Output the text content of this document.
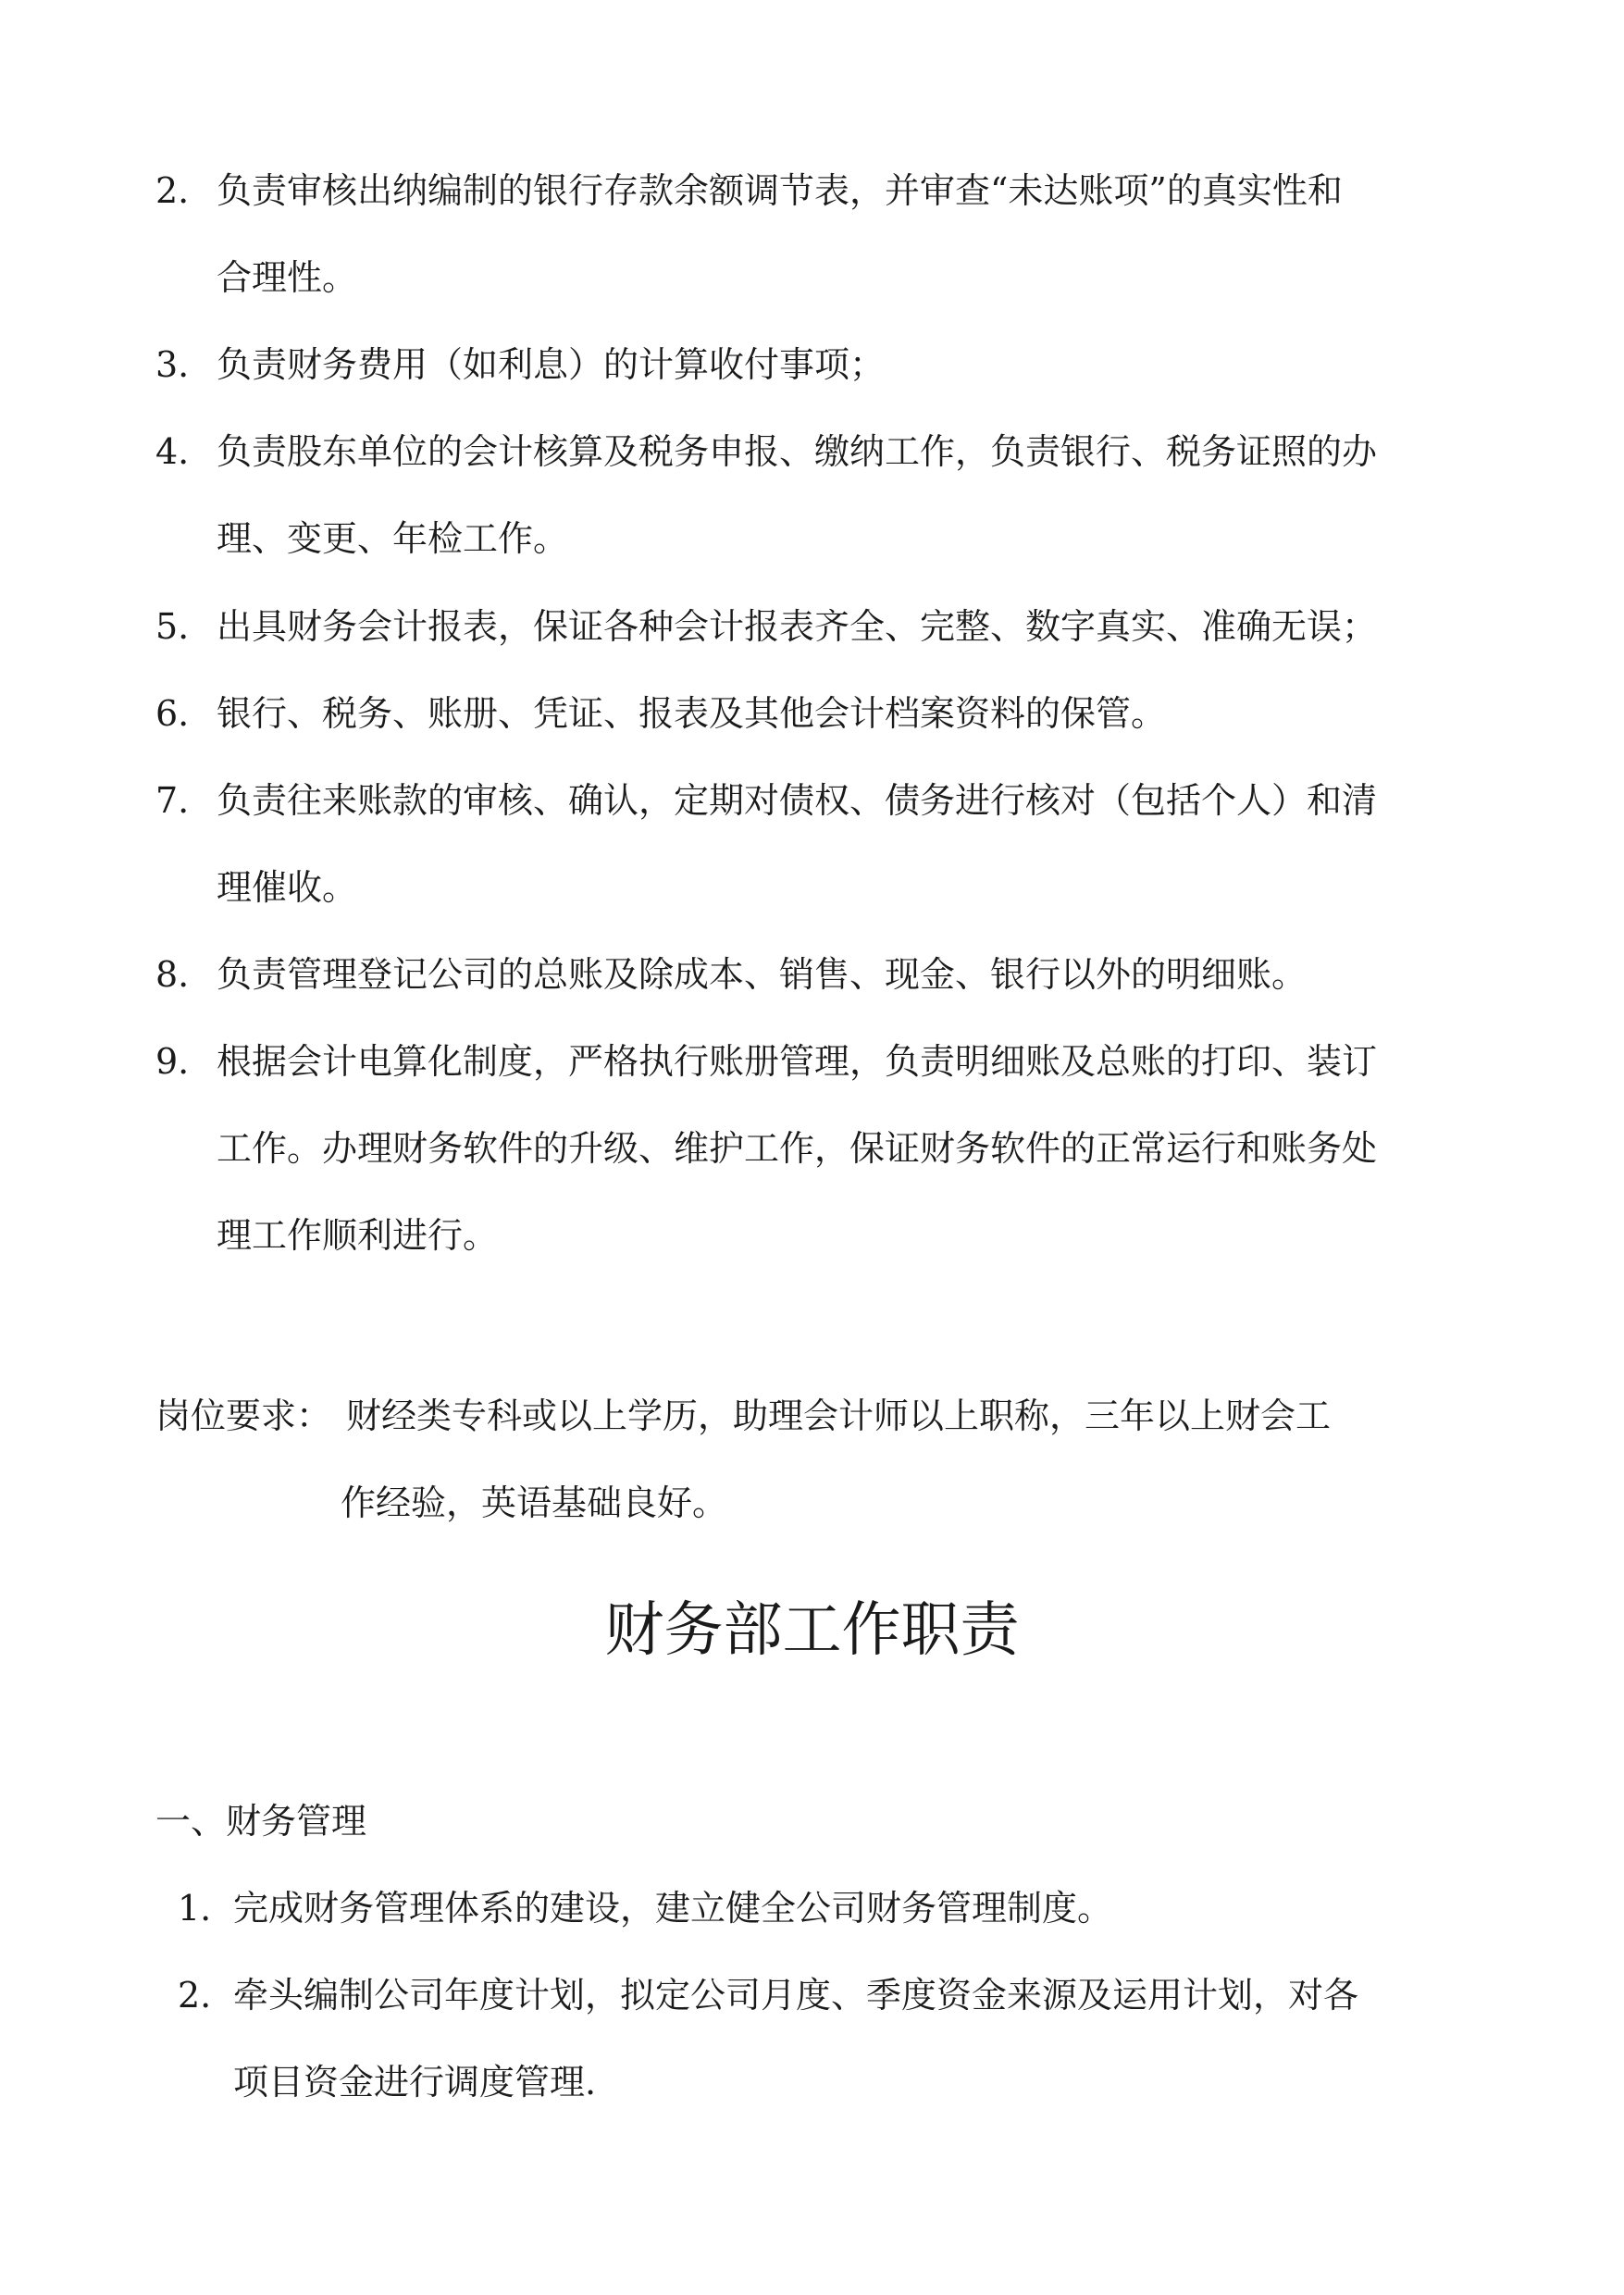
2. 负责审核出纳编制的银行存款余额调节表，并审查“未达账项”的真实性和
合理性。
3. 负责财务费用（如利息）的计算收付事项；
4. 负责股东单位的会计核算及税务申报、缴纳工作，负责银行、税务证照的办
理、变更、年检工作。
5. 出具财务会计报表，保证各种会计报表齐全、完整、数字真实、准确无误；
6. 银行、税务、账册、凭证、报表及其他会计档案资料的保管。
7. 负责往来账款的审核、确认，定期对债权、债务进行核对（包括个人）和清
理催收。
8. 负责管理登记公司的总账及除成本、销售、现金、银行以外的明细账。
9. 根据会计电算化制度，严格执行账册管理，负责明细账及总账的打印、装订
工作。办理财务软件的升级、维护工作，保证财务软件的正常运行和账务处
理工作顺利进行。
岗位要求： 财经类专科或以上学历，助理会计师以上职称，三年以上财会工
作经验，英语基础良好。
财务部工作职责
一、财务管理
1. 完成财务管理体系的建设，建立健全公司财务管理制度。
2. 牵头编制公司年度计划，拟定公司月度、季度资金来源及运用计划，对各
项目资金进行调度管理.
